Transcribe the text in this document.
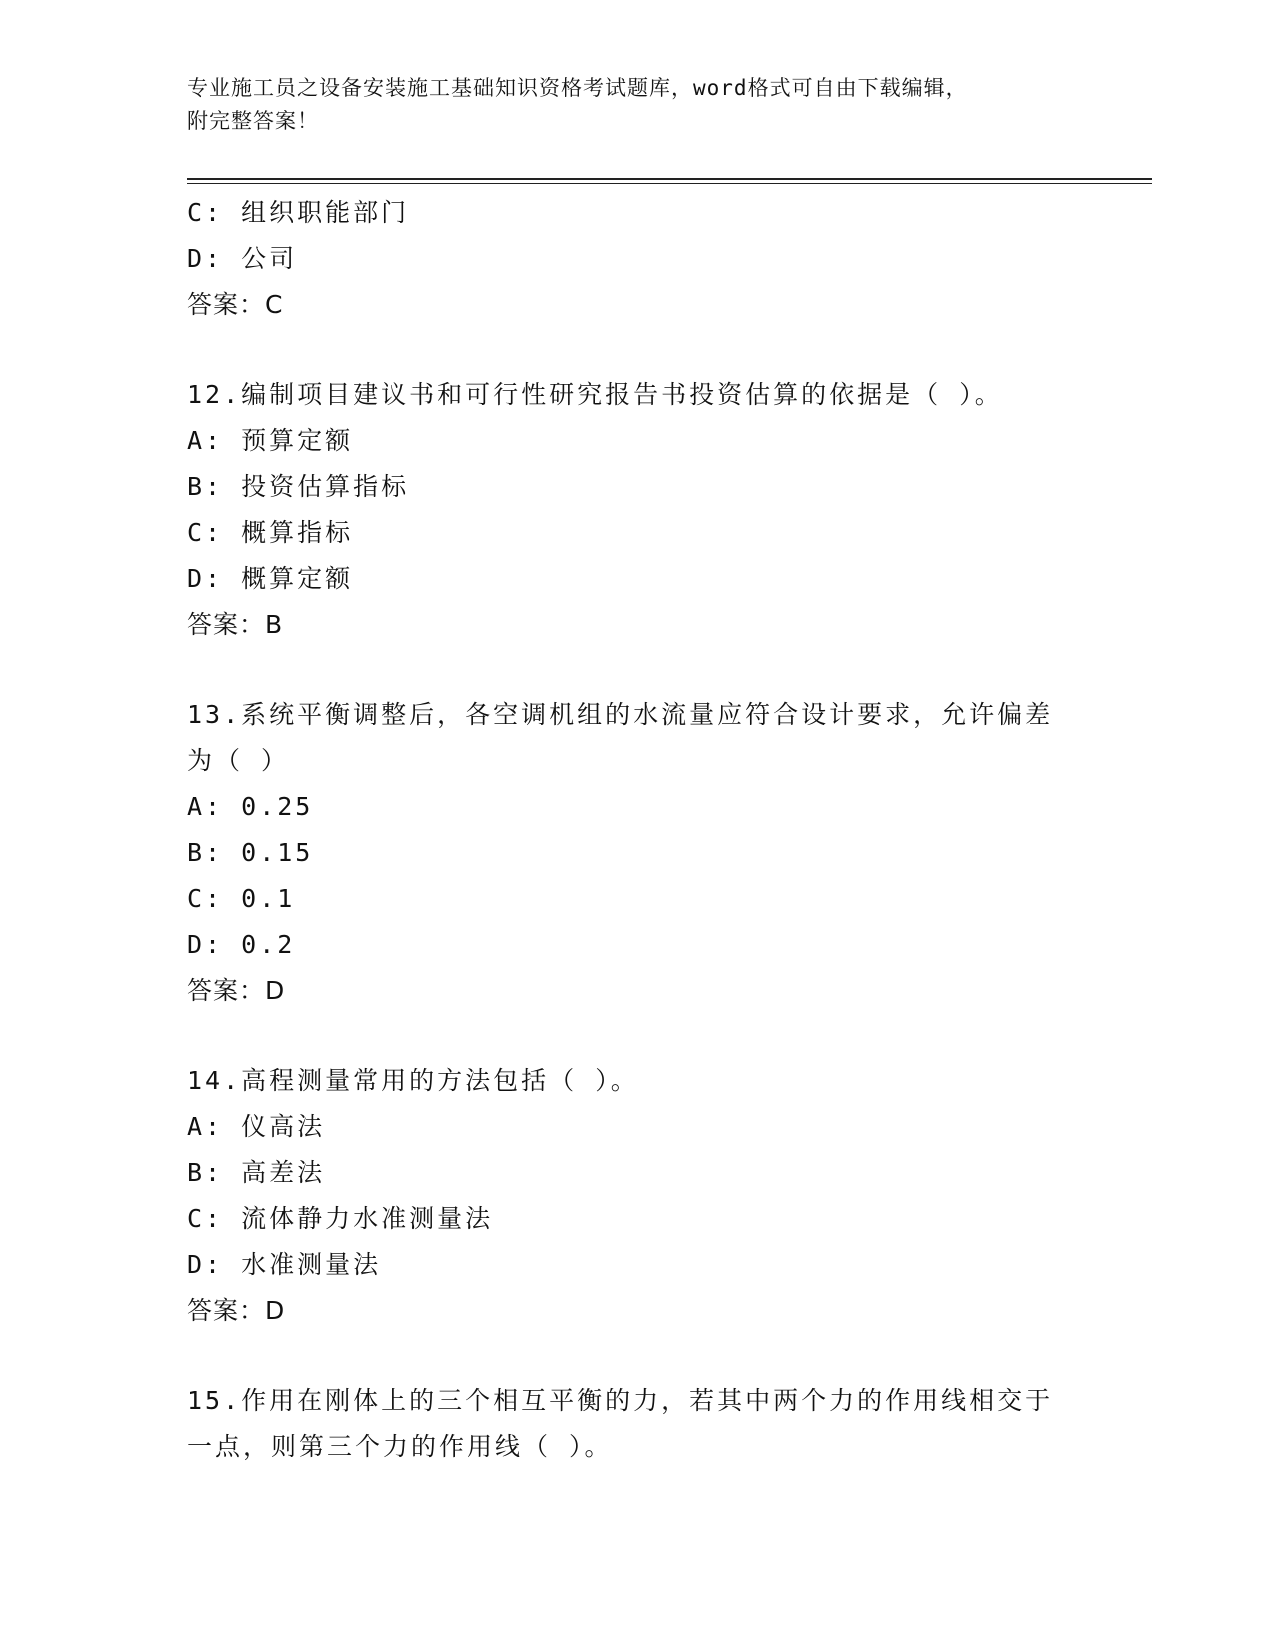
专业施工员之设备安装施工基础知识资格考试题库，word格式可自由下载编辑，
附完整答案！
C: 组织职能部门
D: 公司
答案：C
12.编制项目建议书和可行性研究报告书投资估算的依据是（ ）。
A: 预算定额
B: 投资估算指标
C: 概算指标
D: 概算定额
答案：B
13.系统平衡调整后，各空调机组的水流量应符合设计要求，允许偏差
为（ ）
A: 0.25
B: 0.15
C: 0.1
D: 0.2
答案：D
14.高程测量常用的方法包括（ ）。
A: 仪高法
B: 高差法
C: 流体静力水准测量法
D: 水准测量法
答案：D
15.作用在刚体上的三个相互平衡的力，若其中两个力的作用线相交于
一点，则第三个力的作用线（ ）。
